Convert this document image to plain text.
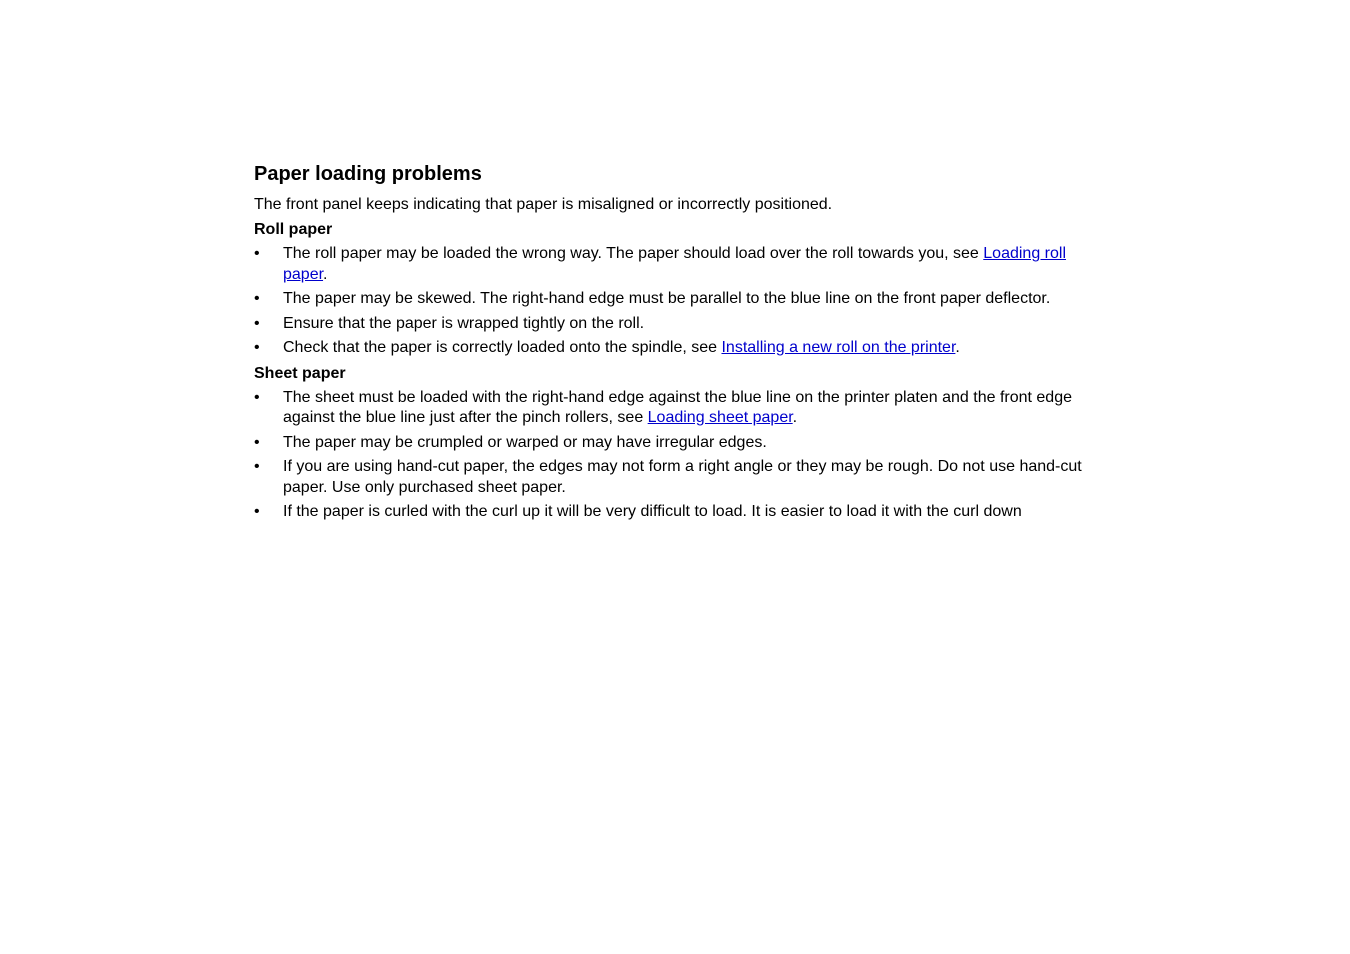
Paper loading problems

The front panel keeps indicating that paper is misaligned or incorrectly positioned.

Roll paper
• The roll paper may be loaded the wrong way. The paper should load over the roll towards you, see Loading roll paper.
• The paper may be skewed. The right-hand edge must be parallel to the blue line on the front paper deflector.
• Ensure that the paper is wrapped tightly on the roll.
• Check that the paper is correctly loaded onto the spindle, see Installing a new roll on the printer.
Sheet paper
• The sheet must be loaded with the right-hand edge against the blue line on the printer platen and the front edge against the blue line just after the pinch rollers, see Loading sheet paper.
• The paper may be crumpled or warped or may have irregular edges.
• If you are using hand-cut paper, the edges may not form a right angle or they may be rough. Do not use hand-cut paper. Use only purchased sheet paper.
• If the paper is curled with the curl up it will be very difficult to load. It is easier to load it with the curl down
